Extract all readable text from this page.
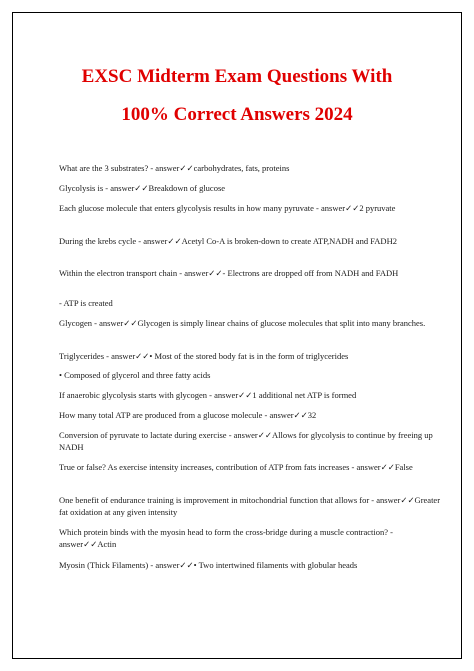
EXSC Midterm Exam Questions With
100% Correct Answers 2024

What are the 3 substrates? - answer✓✓carbohydrates, fats, proteins

Glycolysis is - answer✓✓Breakdown of glucose

Each glucose molecule that enters glycolysis results in how many pyruvate - answer✓✓2 pyruvate

During the krebs cycle - answer✓✓Acetyl Co-A is broken-down to create ATP,NADH and FADH2

Within the electron transport chain - answer✓✓- Electrons are dropped off from NADH and FADH

- ATP is created

Glycogen - answer✓✓Glycogen is simply linear chains of glucose molecules that split into many branches.

Triglycerides - answer✓✓• Most of the stored body fat is in the form of triglycerides

• Composed of glycerol and three fatty acids

If anaerobic glycolysis starts with glycogen - answer✓✓1 additional net ATP is formed

How many total ATP are produced from a glucose molecule - answer✓✓32

Conversion of pyruvate to lactate during exercise - answer✓✓Allows for glycolysis to continue by freeing up NADH

True or false? As exercise intensity increases, contribution of ATP from fats increases - answer✓✓False

One benefit of endurance training is improvement in mitochondrial function that allows for - answer✓✓Greater fat oxidation at any given intensity

Which protein binds with the myosin head to form the cross-bridge during a muscle contraction? - answer✓✓Actin

Myosin (Thick Filaments) - answer✓✓• Two intertwined filaments with globular heads
